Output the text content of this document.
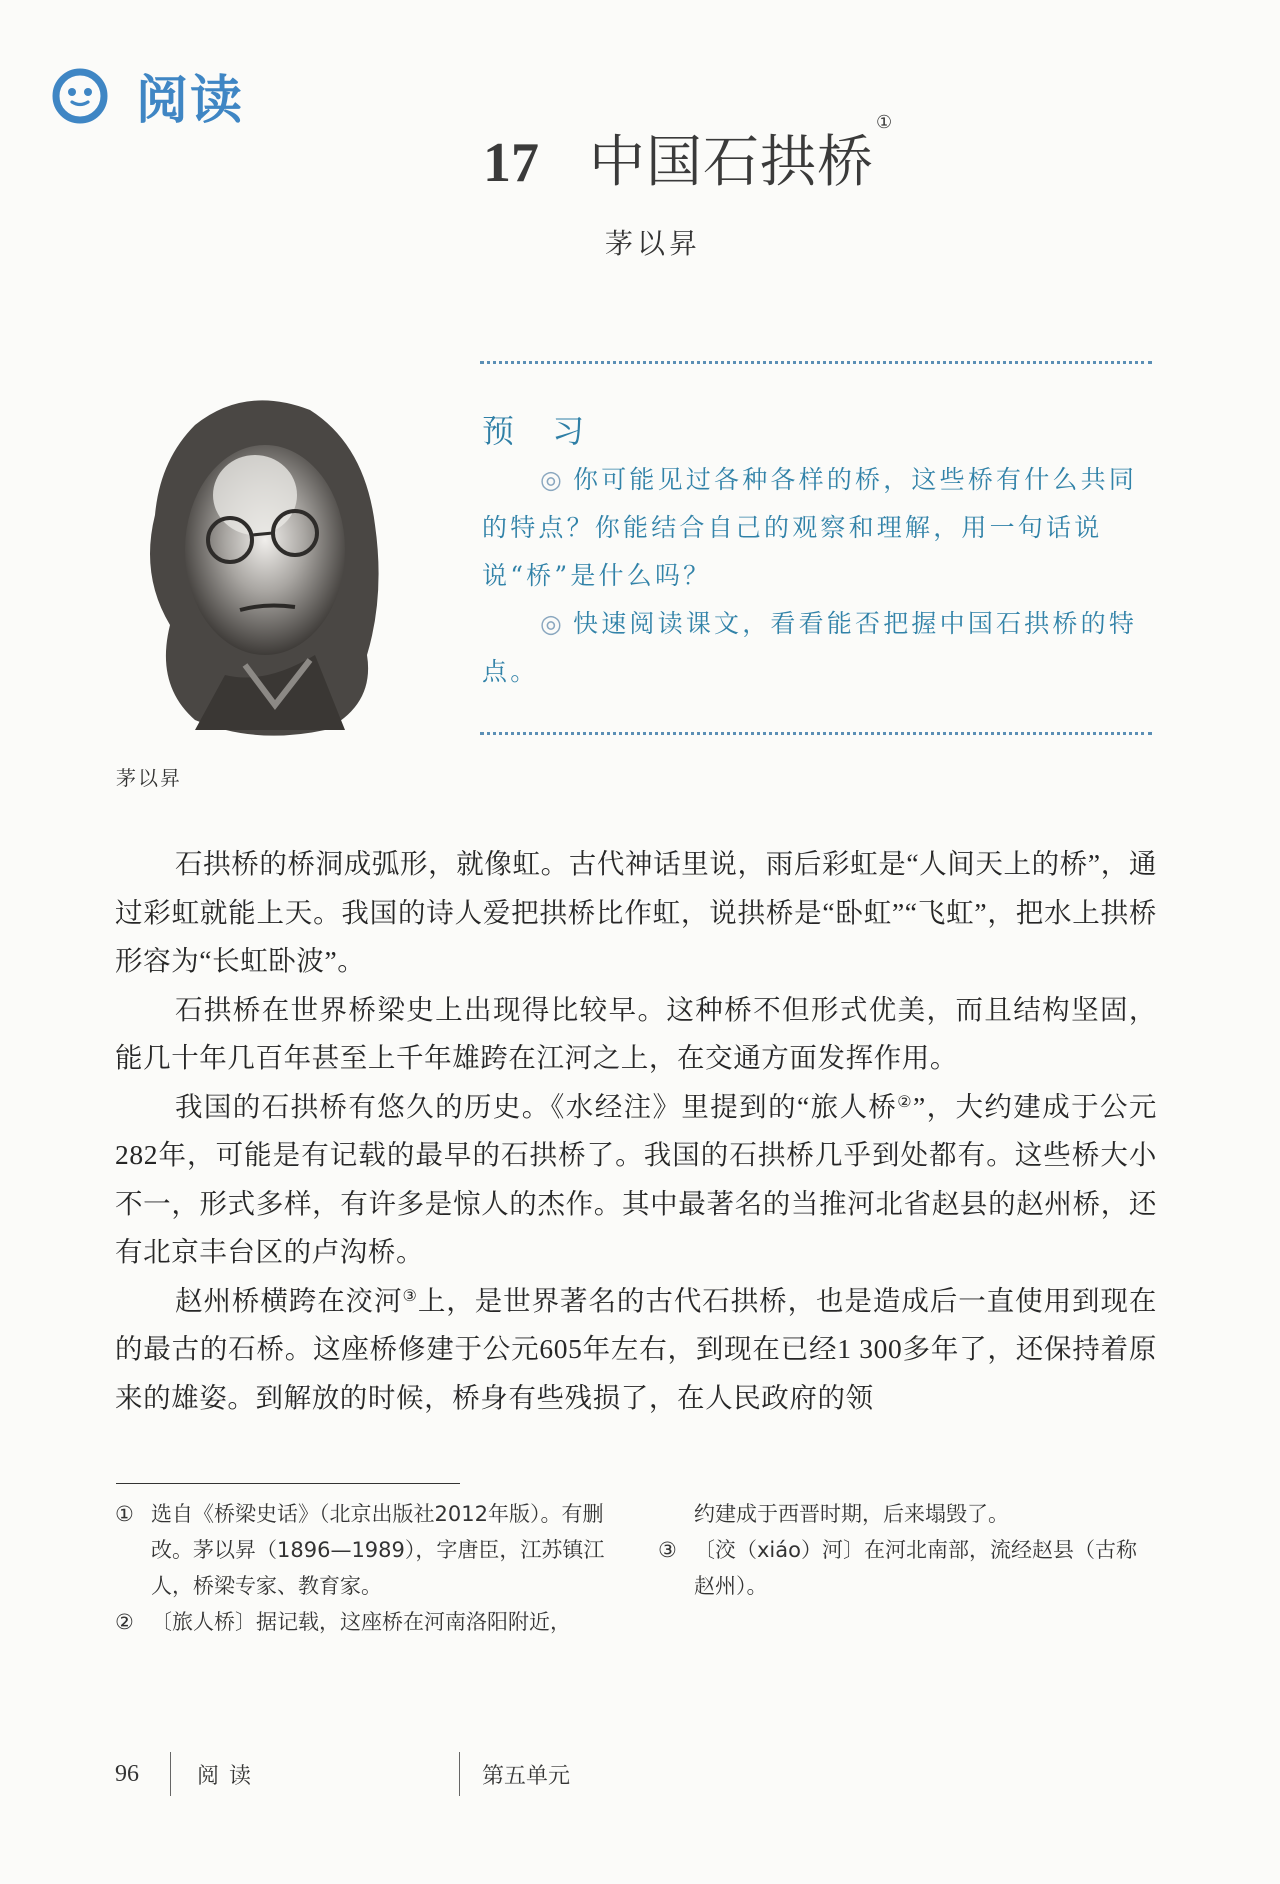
阅读
17 中国石拱桥①
茅以昇
茅以昇
预 习

◎ 你可能见过各种各样的桥，这些桥有什么共同的特点？你能结合自己的观察和理解，用一句话说说“桥”是什么吗？

◎ 快速阅读课文，看看能否把握中国石拱桥的特点。

石拱桥的桥洞成弧形，就像虹。古代神话里说，雨后彩虹是“人间天上的桥”，通过彩虹就能上天。我国的诗人爱把拱桥比作虹，说拱桥是“卧虹”“飞虹”，把水上拱桥形容为“长虹卧波”。

石拱桥在世界桥梁史上出现得比较早。这种桥不但形式优美，而且结构坚固，能几十年几百年甚至上千年雄跨在江河之上，在交通方面发挥作用。

我国的石拱桥有悠久的历史。《水经注》里提到的“旅人桥②”，大约建成于公元282年，可能是有记载的最早的石拱桥了。我国的石拱桥几乎到处都有。这些桥大小不一，形式多样，有许多是惊人的杰作。其中最著名的当推河北省赵县的赵州桥，还有北京丰台区的卢沟桥。

赵州桥横跨在洨河③上，是世界著名的古代石拱桥，也是造成后一直使用到现在的最古的石桥。这座桥修建于公元605年左右，到现在已经1 300多年了，还保持着原来的雄姿。到解放的时候，桥身有些残损了，在人民政府的领

① 选自《桥梁史话》（北京出版社2012年版）。有删改。茅以昇（1896—1989），字唐臣，江苏镇江人，桥梁专家、教育家。
② 〔旅人桥〕据记载，这座桥在河南洛阳附近，
约建成于西晋时期，后来塌毁了。
③ 〔洨（xiáo）河〕在河北南部，流经赵县（古称赵州）。
96	阅读	第五单元
